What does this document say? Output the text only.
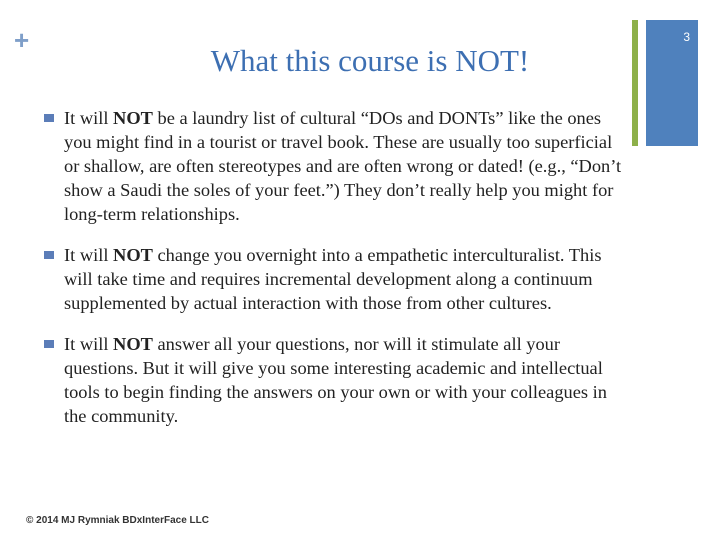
+	3
What this course is NOT!
It will NOT be a laundry list of cultural “DOs and DONTs” like the ones you might find in a tourist or travel book. These are usually too superficial or shallow, are often stereotypes and are often wrong or dated! (e.g., “Don’t show a Saudi the soles of your feet.”) They don’t really help you might for long-term relationships.
It will NOT change you overnight into a empathetic interculturalist. This will take time and requires incremental development along a continuum supplemented by actual interaction with those from other cultures.
It will NOT answer all your questions, nor will it stimulate all your questions. But it will give you some interesting academic and intellectual tools to begin finding the answers on your own or with your colleagues in the community.
© 2014 MJ Rymniak BDxInterFace LLC
